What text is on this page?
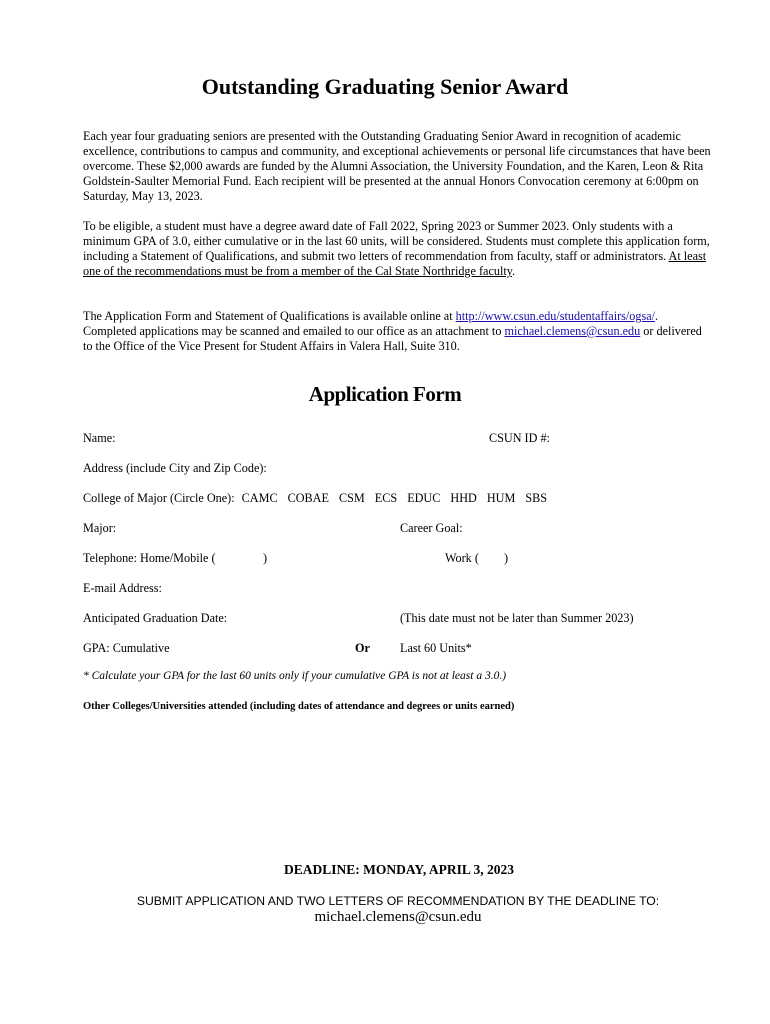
Outstanding Graduating Senior Award

Each year four graduating seniors are presented with the Outstanding Graduating Senior Award in recognition of academic excellence, contributions to campus and community, and exceptional achievements or personal life circumstances that have been overcome. These $2,000 awards are funded by the Alumni Association, the University Foundation, and the Karen, Leon & Rita Goldstein-Saulter Memorial Fund. Each recipient will be presented at the annual Honors Convocation ceremony at 6:00pm on Saturday, May 13, 2023.

To be eligible, a student must have a degree award date of Fall 2022, Spring 2023 or Summer 2023. Only students with a minimum GPA of 3.0, either cumulative or in the last 60 units, will be considered. Students must complete this application form, including a Statement of Qualifications, and submit two letters of recommendation from faculty, staff or administrators. At least one of the recommendations must be from a member of the Cal State Northridge faculty.

The Application Form and Statement of Qualifications is available online at http://www.csun.edu/studentaffairs/ogsa/. Completed applications may be scanned and emailed to our office as an attachment to michael.clemens@csun.edu or delivered to the Office of the Vice Present for Student Affairs in Valera Hall, Suite 310.

Application Form
Name:	CSUN ID #:
Address (include City and Zip Code):
College of Major (Circle One): CAMC COBAE CSM ECS EDUC HHD HUM SBS
Major:	Career Goal:
Telephone: Home/Mobile (	)	Work ( )
E-mail Address:
Anticipated Graduation Date:	(This date must not be later than Summer 2023)
GPA: Cumulative	Or Last 60 Units*
* Calculate your GPA for the last 60 units only if your cumulative GPA is not at least a 3.0.)
Other Colleges/Universities attended (including dates of attendance and degrees or units earned)
DEADLINE: MONDAY, APRIL 3, 2023
SUBMIT APPLICATION AND TWO LETTERS OF RECOMMENDATION BY THE DEADLINE TO:
michael.clemens@csun.edu
